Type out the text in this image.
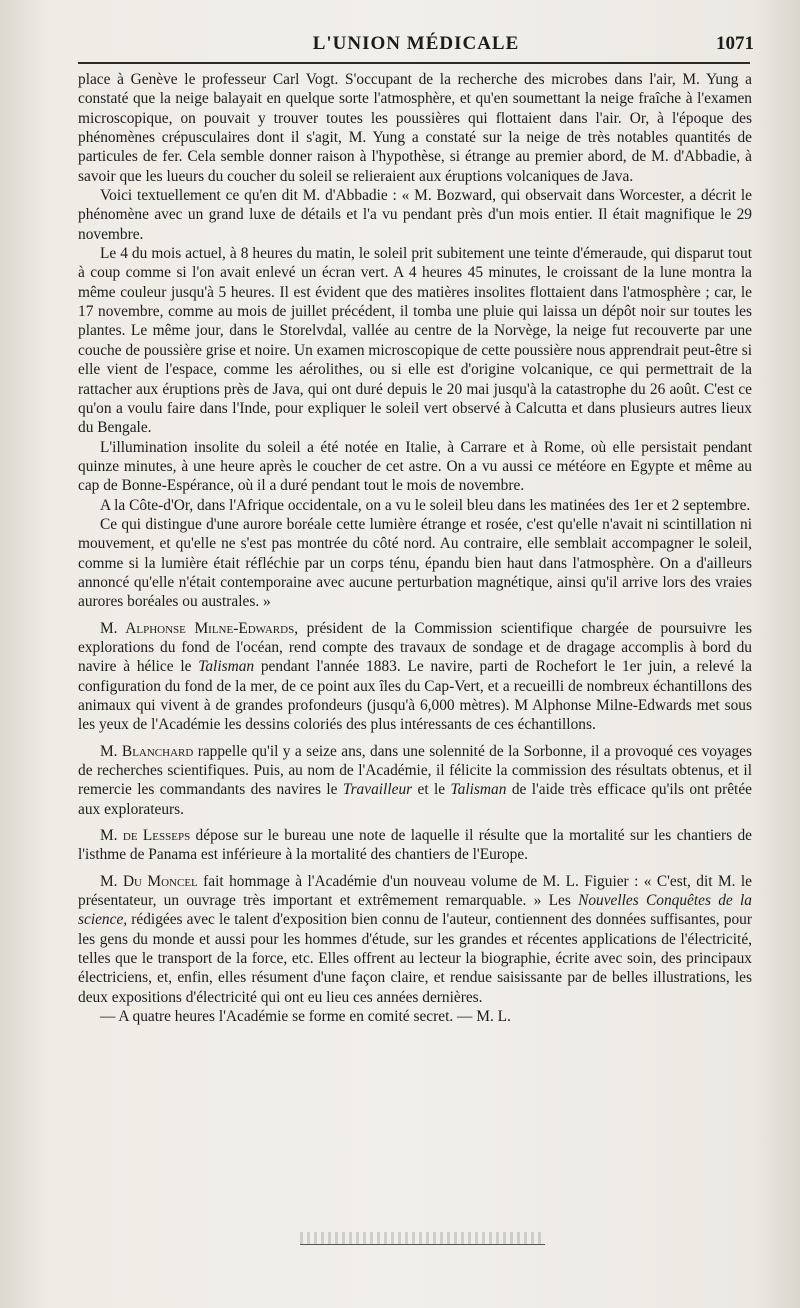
L'UNION MÉDICALE	1071

place à Genève le professeur Carl Vogt. S'occupant de la recherche des microbes dans l'air, M. Yung a constaté que la neige balayait en quelque sorte l'atmosphère, et qu'en soumettant la neige fraîche à l'examen microscopique, on pouvait y trouver toutes les poussières qui flottaient dans l'air. Or, à l'époque des phénomènes crépusculaires dont il s'agit, M. Yung a constaté sur la neige de très notables quantités de particules de fer. Cela semble donner raison à l'hypothèse, si étrange au premier abord, de M. d'Abbadie, à savoir que les lueurs du coucher du soleil se relieraient aux éruptions volcaniques de Java.

Voici textuellement ce qu'en dit M. d'Abbadie : « M. Bozward, qui observait dans Worcester, a décrit le phénomène avec un grand luxe de détails et l'a vu pendant près d'un mois entier. Il était magnifique le 29 novembre.

Le 4 du mois actuel, à 8 heures du matin, le soleil prit subitement une teinte d'émeraude, qui disparut tout à coup comme si l'on avait enlevé un écran vert. A 4 heures 45 minutes, le croissant de la lune montra la même couleur jusqu'à 5 heures. Il est évident que des matières insolites flottaient dans l'atmosphère ; car, le 17 novembre, comme au mois de juillet précédent, il tomba une pluie qui laissa un dépôt noir sur toutes les plantes. Le même jour, dans le Storelvdal, vallée au centre de la Norvège, la neige fut recouverte par une couche de poussière grise et noire. Un examen microscopique de cette poussière nous apprendrait peut-être si elle vient de l'espace, comme les aérolithes, ou si elle est d'origine volcanique, ce qui permettrait de la rattacher aux éruptions près de Java, qui ont duré depuis le 20 mai jusqu'à la catastrophe du 26 août. C'est ce qu'on a voulu faire dans l'Inde, pour expliquer le soleil vert observé à Calcutta et dans plusieurs autres lieux du Bengale.

L'illumination insolite du soleil a été notée en Italie, à Carrare et à Rome, où elle persistait pendant quinze minutes, à une heure après le coucher de cet astre. On a vu aussi ce météore en Egypte et même au cap de Bonne-Espérance, où il a duré pendant tout le mois de novembre.

A la Côte-d'Or, dans l'Afrique occidentale, on a vu le soleil bleu dans les matinées des 1er et 2 septembre.

Ce qui distingue d'une aurore boréale cette lumière étrange et rosée, c'est qu'elle n'avait ni scintillation ni mouvement, et qu'elle ne s'est pas montrée du côté nord. Au contraire, elle semblait accompagner le soleil, comme si la lumière était réfléchie par un corps ténu, épandu bien haut dans l'atmosphère. On a d'ailleurs annoncé qu'elle n'était contemporaine avec aucune perturbation magnétique, ainsi qu'il arrive lors des vraies aurores boréales ou australes. »

M. Alphonse Milne-Edwards, président de la Commission scientifique chargée de poursuivre les explorations du fond de l'océan, rend compte des travaux de sondage et de dragage accomplis à bord du navire à hélice le Talisman pendant l'année 1883. Le navire, parti de Rochefort le 1er juin, a relevé la configuration du fond de la mer, de ce point aux îles du Cap-Vert, et a recueilli de nombreux échantillons des animaux qui vivent à de grandes profondeurs (jusqu'à 6,000 mètres). M Alphonse Milne-Edwards met sous les yeux de l'Académie les dessins coloriés des plus intéressants de ces échantillons.

M. Blanchard rappelle qu'il y a seize ans, dans une solennité de la Sorbonne, il a provoqué ces voyages de recherches scientifiques. Puis, au nom de l'Académie, il félicite la commission des résultats obtenus, et il remercie les commandants des navires le Travailleur et le Talisman de l'aide très efficace qu'ils ont prêtée aux explorateurs.

M. de Lesseps dépose sur le bureau une note de laquelle il résulte que la mortalité sur les chantiers de l'isthme de Panama est inférieure à la mortalité des chantiers de l'Europe.

M. Du Moncel fait hommage à l'Académie d'un nouveau volume de M. L. Figuier : « C'est, dit M. le présentateur, un ouvrage très important et extrêmement remarquable. » Les Nouvelles Conquêtes de la science, rédigées avec le talent d'exposition bien connu de l'auteur, contiennent des données suffisantes, pour les gens du monde et aussi pour les hommes d'étude, sur les grandes et récentes applications de l'électricité, telles que le transport de la force, etc. Elles offrent au lecteur la biographie, écrite avec soin, des principaux électriciens, et, enfin, elles résument d'une façon claire, et rendue saisissante par de belles illustrations, les deux expositions d'électricité qui ont eu lieu ces années dernières.

— A quatre heures l'Académie se forme en comité secret. — M. L.
